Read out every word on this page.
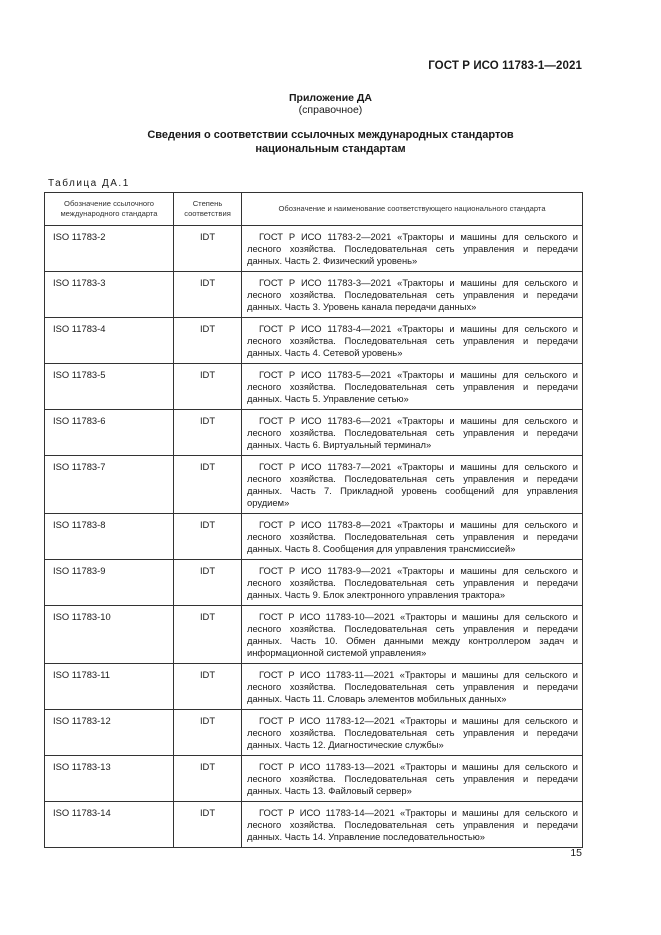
ГОСТ Р ИСО 11783-1—2021
Приложение ДА
(справочное)
Сведения о соответствии ссылочных международных стандартов
национальным стандартам
Таблица ДА.1
Обозначение ссылочного международного стандарта	Степень соответствия	Обозначение и наименование соответствующего национального стандарта
ISO 11783-2	IDT	ГОСТ Р ИСО 11783-2—2021 «Тракторы и машины для сельского и лесного хозяйства. Последовательная сеть управления и передачи данных. Часть 2. Физический уровень»
ISO 11783-3	IDT	ГОСТ Р ИСО 11783-3—2021 «Тракторы и машины для сельского и лесного хозяйства. Последовательная сеть управления и передачи данных. Часть 3. Уровень канала передачи данных»
ISO 11783-4	IDT	ГОСТ Р ИСО 11783-4—2021 «Тракторы и машины для сельского и лесного хозяйства. Последовательная сеть управления и передачи данных. Часть 4. Сетевой уровень»
ISO 11783-5	IDT	ГОСТ Р ИСО 11783-5—2021 «Тракторы и машины для сельского и лесного хозяйства. Последовательная сеть управления и передачи данных. Часть 5. Управление сетью»
ISO 11783-6	IDT	ГОСТ Р ИСО 11783-6—2021 «Тракторы и машины для сельского и лесного хозяйства. Последовательная сеть управления и передачи данных. Часть 6. Виртуальный терминал»
ISO 11783-7	IDT	ГОСТ Р ИСО 11783-7—2021 «Тракторы и машины для сельского и лесного хозяйства. Последовательная сеть управления и передачи данных. Часть 7. Прикладной уровень сообщений для управления орудием»
ISO 11783-8	IDT	ГОСТ Р ИСО 11783-8—2021 «Тракторы и машины для сельского и лесного хозяйства. Последовательная сеть управления и передачи данных. Часть 8. Сообщения для управления трансмиссией»
ISO 11783-9	IDT	ГОСТ Р ИСО 11783-9—2021 «Тракторы и машины для сельского и лесного хозяйства. Последовательная сеть управления и передачи данных. Часть 9. Блок электронного управления трактора»
ISO 11783-10	IDT	ГОСТ Р ИСО 11783-10—2021 «Тракторы и машины для сельского и лесного хозяйства. Последовательная сеть управления и передачи данных. Часть 10. Обмен данными между контроллером задач и информационной системой управления»
ISO 11783-11	IDT	ГОСТ Р ИСО 11783-11—2021 «Тракторы и машины для сельского и лесного хозяйства. Последовательная сеть управления и передачи данных. Часть 11. Словарь элементов мобильных данных»
ISO 11783-12	IDT	ГОСТ Р ИСО 11783-12—2021 «Тракторы и машины для сельского и лесного хозяйства. Последовательная сеть управления и передачи данных. Часть 12. Диагностические службы»
ISO 11783-13	IDT	ГОСТ Р ИСО 11783-13—2021 «Тракторы и машины для сельского и лесного хозяйства. Последовательная сеть управления и передачи данных. Часть 13. Файловый сервер»
ISO 11783-14	IDT	ГОСТ Р ИСО 11783-14—2021 «Тракторы и машины для сельского и лесного хозяйства. Последовательная сеть управления и передачи данных. Часть 14. Управление последовательностью»
15
